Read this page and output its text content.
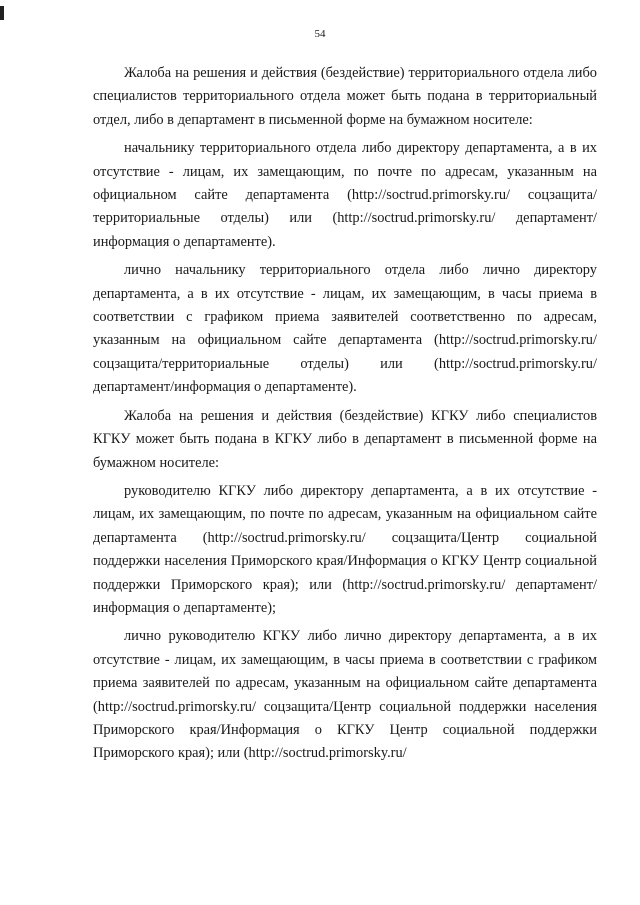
54

Жалоба на решения и действия (бездействие) территориального отдела либо специалистов территориального отдела может быть подана в территориальный отдел, либо в департамент в письменной форме на бумажном носителе:

начальнику территориального отдела либо директору департамента, а в их отсутствие - лицам, их замещающим, по почте по адресам, указанным на официальном сайте департамента (http://soctrud.primorsky.ru/ соцзащита/территориальные отделы) или (http://soctrud.primorsky.ru/ департамент/информация о департаменте).

лично начальнику территориального отдела либо лично директору департамента, а в их отсутствие - лицам, их замещающим, в часы приема в соответствии с графиком приема заявителей соответственно по адресам, указанным на официальном сайте департамента (http://soctrud.primorsky.ru/ соцзащита/территориальные отделы) или (http://soctrud.primorsky.ru/ департамент/информация о департаменте).

Жалоба на решения и действия (бездействие) КГКУ либо специалистов КГКУ может быть подана в КГКУ либо в департамент в письменной форме на бумажном носителе:

руководителю КГКУ либо директору департамента, а в их отсутствие - лицам, их замещающим, по почте по адресам, указанным на официальном сайте департамента (http://soctrud.primorsky.ru/ соцзащита/Центр социальной поддержки населения Приморского края/Информация о КГКУ Центр социальной поддержки Приморского края); или (http://soctrud.primorsky.ru/ департамент/информация о департаменте);

лично руководителю КГКУ либо лично директору департамента, а в их отсутствие - лицам, их замещающим, в часы приема в соответствии с графиком приема заявителей по адресам, указанным на официальном сайте департамента (http://soctrud.primorsky.ru/ соцзащита/Центр социальной поддержки населения Приморского края/Информация о КГКУ Центр социальной поддержки Приморского края); или (http://soctrud.primorsky.ru/
